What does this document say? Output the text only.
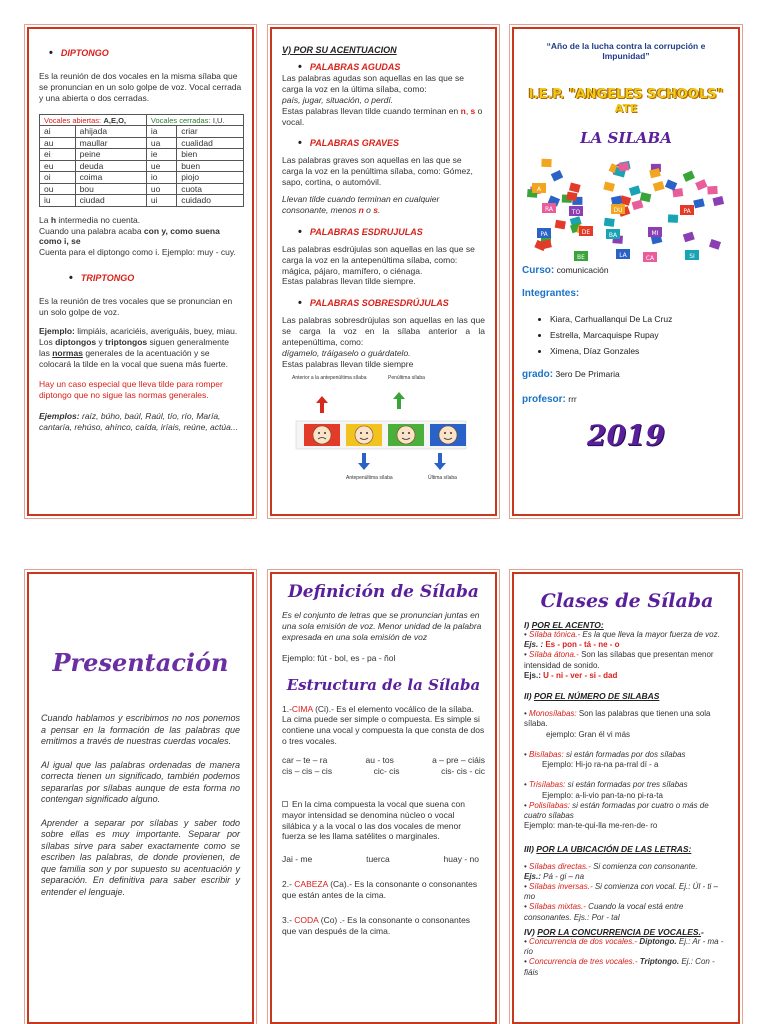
• DIPTONGO

Es la reunión de dos vocales en la misma sílaba que se pronuncian en un solo golpe de voz. Vocal cerrada y una abierta o dos cerradas.

Vocales abiertas: A,E,O,		Vocales cerradas: I,U.	
ai	ahijada	ia	criar
au	maullar	ua	cualidad
ei	peine	ie	bien
eu	deuda	ue	buen
oi	coima	io	piojo
ou	bou	uo	cuota
iu	ciudad	ui	cuidado

La h intermedia no cuenta.

Cuando una palabra acaba con y, como suena como i, se

Cuenta para el diptongo como i. Ejemplo: muy - cuy.

• TRIPTONGO

Es la reunión de tres vocales que se pronuncian en un solo golpe de voz.

Ejemplo: limpiáis, acariciéis, averiguáis, buey, miau.

Los diptongos y triptongos siguen generalmente las normas generales de la acentuación y se colocará la tilde en la vocal que suena más fuerte.

Hay un caso especial que lleva tilde para romper diptongo que no sigue las normas generales.

Ejemplos: raíz, búho, baúl, Raúl, tío, río, María, cantaría, rehúso, ahínco, caída, iríais, reúne, actúa...

V) POR SU ACENTUACION
• PALABRAS AGUDAS

Las palabras agudas son aquellas en las que se carga la voz en la última sílaba, como:

país, jugar, situación, o perdí.

Estas palabras llevan tilde cuando terminan en n, s o vocal.

• PALABRAS GRAVES

Las palabras graves son aquellas en las que se carga la voz en la penúltima sílaba, como: Gómez, sapo, cortina, o automóvil.

Llevan tilde cuando terminan en cualquier consonante, menos n o s.

• PALABRAS ESDRUJULAS

Las palabras esdrújulas son aquellas en las que se carga la voz en la antepenúltima sílaba, como: mágica, pájaro, mamífero, o ciénaga.

Estas palabras llevan tilde siempre.

• PALABRAS SOBRESDRÚJULAS

Las palabras sobresdrújulas son aquellas en las que se carga la voz en la sílaba anterior a la antepenúltima, como:

dígamelo, tráigaselo o guárdatelo.

Estas palabras llevan tilde siempre

Anterior a la antepenúltima sílaba	Penúltima sílaba
Antepenúltima sílaba	Última sílaba

“Año de la lucha contra la corrupción e Impunidad”

I.E.P. "ANGELES SCHOOLS"
ATE
LA SILABA
A
TO
BA
CA
PA
PA
BE
DU
MI
SI
RA
DE
LA
Curso: comunicación
Integrantes:
• Kiara, Carhuallanqui De La Cruz
• Estrella, Marcaquispe Rupay
• Ximena, Díaz Gonzales
grado: 3ero De Primaria
profesor: rrr
2019
Presentación

Cuando hablamos y escribimos no nos ponemos a pensar en la formación de las palabras que emitimos a través de nuestras cuerdas vocales.

Al igual que las palabras ordenadas de manera correcta tienen un significado, también podemos separarlas por sílabas aunque de esta forma no contengan significado alguno.

Aprender a separar por sílabas y saber todo sobre ellas es muy importante. Separar por sílabas sirve para saber exactamente como se escriben las palabras, de donde provienen, de que familia son y por supuesto su acentuación y separación. En definitiva para saber escribir y entender el lenguaje.

Definición de Sílaba

Es el conjunto de letras que se pronuncian juntas en una sola emisión de voz. Menor unidad de la palabra expresada en una sola emisión de voz

Ejemplo: fút - bol, es - pa - ñol

Estructura de la Sílaba

1.-CIMA (Ci).- Es el elemento vocálico de la sílaba. La cima puede ser simple o compuesta. Es simple si contiene una vocal y compuesta la que consta de dos o tres vocales.

car – te – ra	au - tos	a – pre – ciáis
cis – cis – cis	cic- cis	cis- cis - cic

En la cima compuesta la vocal que suena con mayor intensidad se denomina núcleo o vocal silábica y a la vocal o las dos vocales de menor fuerza se les llama satélites o marginales.

Jai - me	tuerca	huay - no

2.- CABEZA (Ca).- Es la consonante o consonantes que están antes de la cima.

3.- CODA (Co) .- Es la consonante o consonantes que van después de la cima.

Clases de Sílaba
I) POR EL ACENTO:

• Sílaba tónica.- Es la que lleva la mayor fuerza de voz.

Ejs. : Es - pon - tá - ne - o

• Sílaba átona.- Son las sílabas que presentan menor intensidad de sonido.

Ejs.: U - ni - ver - si - dad

II) POR EL NÚMERO DE SILABAS

• Monosílabas: Son las palabras que tienen una sola sílaba.

ejemplo: Gran él vi más

• Bisílabas: si están formadas por dos sílabas

Ejemplo: Hi-jo ra-na pa-rral dí - a

• Trisílabas: si están formadas por tres sílabas

Ejemplo: a-li-vio pan-ta-no pi-ra-ta

• Polisílabas: si están formadas por cuatro o más de cuatro sílabas

Ejemplo: man-te-qui-lla me-ren-de- ro

III) POR LA UBICACIÓN DE LAS LETRAS:

• Sílabas directas.- Si comienza con consonante.

Ejs.: Pá - gi – na

• Sílabas inversas.- Si comienza con vocal. Ej.: Úl - ti – mo

• Sílabas mixtas.- Cuando la vocal está entre consonantes. Ejs.: Por - tal

IV) POR LA CONCURRENCIA DE VOCALES.-

• Concurrencia de dos vocales.- Diptongo. Ej.: Ar - ma - rio

• Concurrencia de tres vocales.- Triptongo. Ej.: Con - fiáis
